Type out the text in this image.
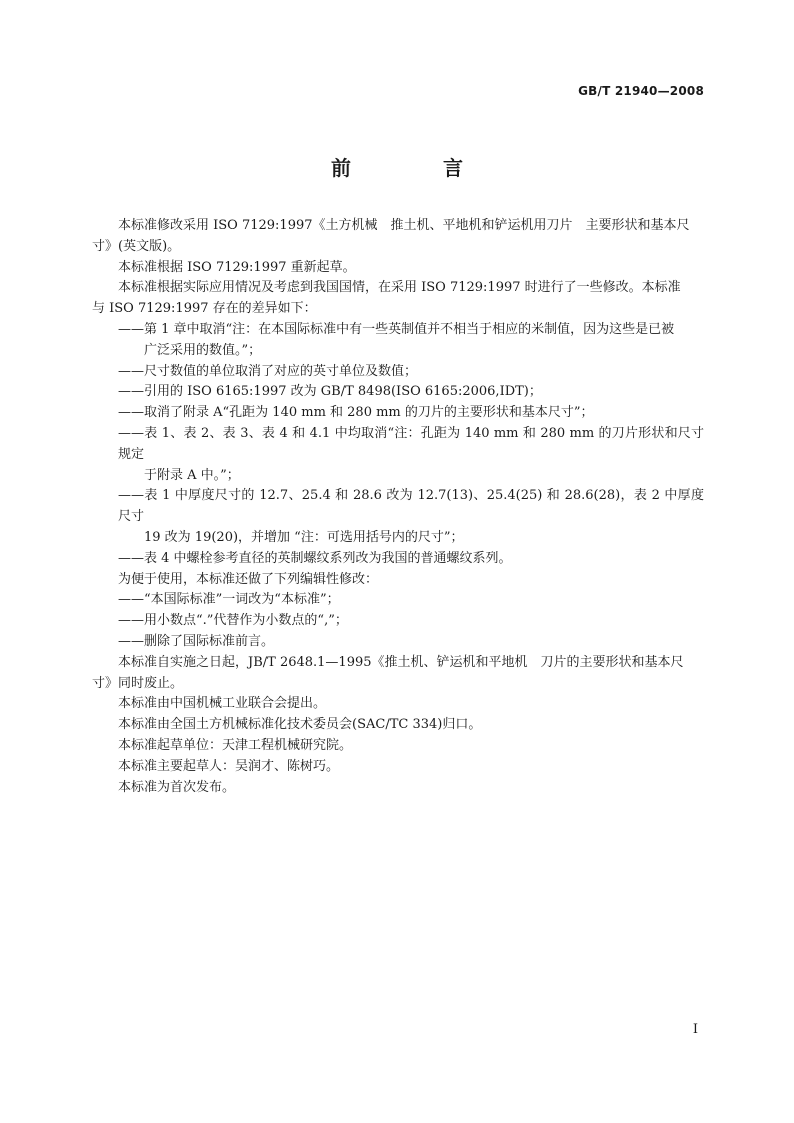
GB/T 21940—2008
前　言

本标准修改采用 ISO 7129:1997《土方机械　推土机、平地机和铲运机用刀片　主要形状和基本尺
寸》(英文版)。

本标准根据 ISO 7129:1997 重新起草。

本标准根据实际应用情况及考虑到我国国情，在采用 ISO 7129:1997 时进行了一些修改。本标准
与 ISO 7129:1997 存在的差异如下：

——第 1 章中取消“注：在本国际标准中有一些英制值并不相当于相应的米制值，因为这些是已被
广泛采用的数值。”；
——尺寸数值的单位取消了对应的英寸单位及数值；
——引用的 ISO 6165:1997 改为 GB/T 8498(ISO 6165:2006,IDT)；
——取消了附录 A“孔距为 140 mm 和 280 mm 的刀片的主要形状和基本尺寸”；
——表 1、表 2、表 3、表 4 和 4.1 中均取消“注：孔距为 140 mm 和 280 mm 的刀片形状和尺寸规定
于附录 A 中。”；
——表 1 中厚度尺寸的 12.7、25.4 和 28.6 改为 12.7(13)、25.4(25) 和 28.6(28)，表 2 中厚度尺寸
19 改为 19(20)，并增加 “注：可选用括号内的尺寸”；
——表 4 中螺栓参考直径的英制螺纹系列改为我国的普通螺纹系列。

为便于使用，本标准还做了下列编辑性修改：

——“本国际标准”一词改为“本标准”；
——用小数点“.”代替作为小数点的“,”；
——删除了国际标准前言。

本标准自实施之日起，JB/T 2648.1—1995《推土机、铲运机和平地机　刀片的主要形状和基本尺
寸》同时废止。

本标准由中国机械工业联合会提出。

本标准由全国土方机械标准化技术委员会(SAC/TC 334)归口。

本标准起草单位：天津工程机械研究院。

本标准主要起草人：吴润才、陈树巧。

本标准为首次发布。

I
